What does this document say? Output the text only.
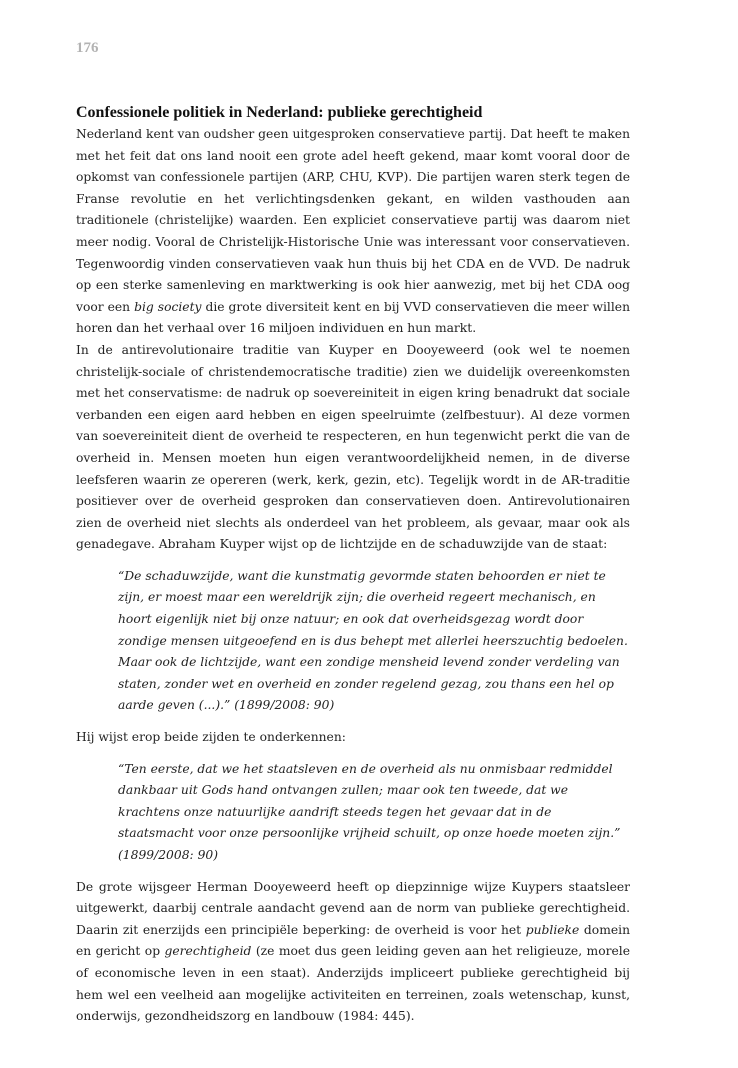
176
Confessionele politiek in Nederland: publieke gerechtigheid

Nederland kent van oudsher geen uitgesproken conservatieve partij. Dat heeft te maken met het feit dat ons land nooit een grote adel heeft gekend, maar komt vooral door de opkomst van confessionele partijen (ARP, CHU, KVP). Die partijen waren sterk tegen de Franse revolutie en het verlichtingsdenken gekant, en wilden vasthouden aan traditionele (christelijke) waarden. Een expliciet conservatieve partij was daarom niet meer nodig. Vooral de Christelijk-Historische Unie was interessant voor conservatieven. Tegenwoordig vinden conservatieven vaak hun thuis bij het CDA en de VVD. De nadruk op een sterke samenleving en marktwerking is ook hier aanwezig, met bij het CDA oog voor een big society die grote diversiteit kent en bij VVD conservatieven die meer willen horen dan het verhaal over 16 miljoen individuen en hun markt.

In de antirevolutionaire traditie van Kuyper en Dooyeweerd (ook wel te noemen christelijk-sociale of christendemocratische traditie) zien we duidelijk overeenkomsten met het conservatisme: de nadruk op soevereiniteit in eigen kring benadrukt dat sociale verbanden een eigen aard hebben en eigen speelruimte (zelfbestuur). Al deze vormen van soevereiniteit dient de overheid te respecteren, en hun tegenwicht perkt die van de overheid in. Mensen moeten hun eigen verantwoordelijkheid nemen, in de diverse leefsferen waarin ze opereren (werk, kerk, gezin, etc). Tegelijk wordt in de AR-traditie positiever over de overheid gesproken dan conservatieven doen. Antirevolutionairen zien de overheid niet slechts als onderdeel van het probleem, als gevaar, maar ook als genadegave. Abraham Kuyper wijst op de lichtzijde en de schaduwzijde van de staat:

“De schaduwzijde, want die kunstmatig gevormde staten behoorden er niet te zijn, er moest maar een wereldrijk zijn; die overheid regeert mechanisch, en hoort eigenlijk niet bij onze natuur; en ook dat overheidsgezag wordt door zondige mensen uitgeoefend en is dus behept met allerlei heerszuchtig bedoelen. Maar ook de lichtzijde, want een zondige mensheid levend zonder verdeling van staten, zonder wet en overheid en zonder regelend gezag, zou thans een hel op aarde geven (...).” (1899/2008: 90)

Hij wijst erop beide zijden te onderkennen:

“Ten eerste, dat we het staatsleven en de overheid als nu onmisbaar redmiddel dankbaar uit Gods hand ontvangen zullen; maar ook ten tweede, dat we krachtens onze natuurlijke aandrift steeds tegen het gevaar dat in de staatsmacht voor onze persoonlijke vrijheid schuilt, op onze hoede moeten zijn.” (1899/2008: 90)

De grote wijsgeer Herman Dooyeweerd heeft op diepzinnige wijze Kuypers staatsleer uitgewerkt, daarbij centrale aandacht gevend aan de norm van publieke gerechtigheid. Daarin zit enerzijds een principiële beperking: de overheid is voor het publieke domein en gericht op gerechtigheid (ze moet dus geen leiding geven aan het religieuze, morele of economische leven in een staat). Anderzijds impliceert publieke gerechtigheid bij hem wel een veelheid aan mogelijke activiteiten en terreinen, zoals wetenschap, kunst, onderwijs, gezondheidszorg en landbouw (1984: 445).
